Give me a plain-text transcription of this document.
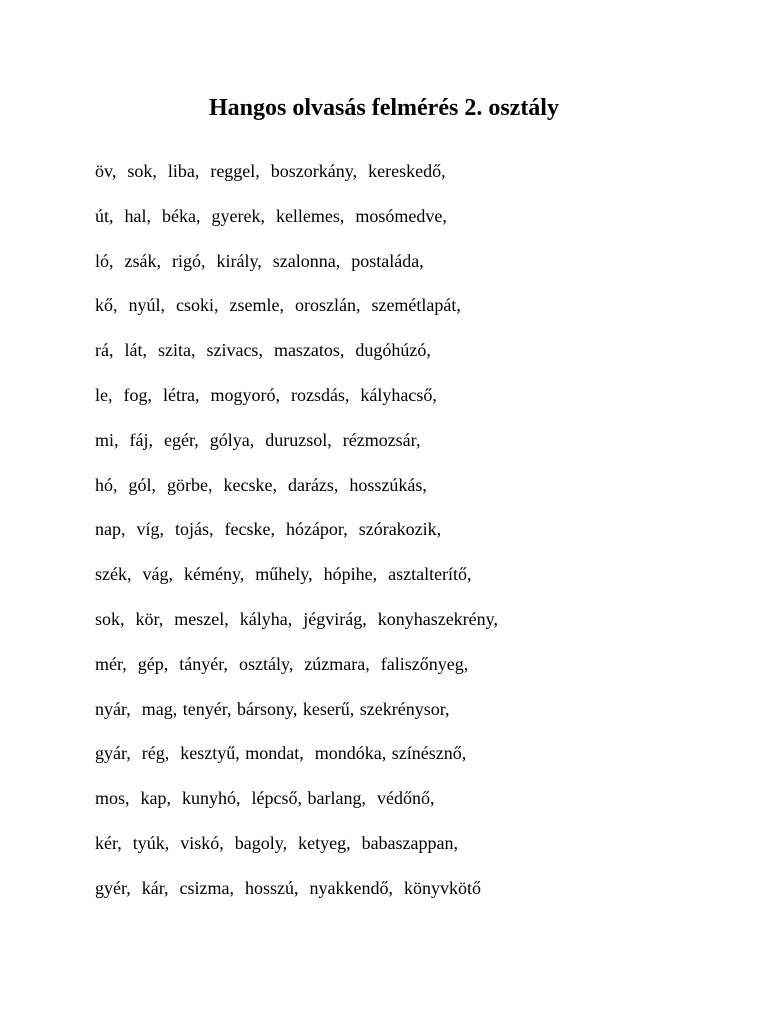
Hangos olvasás felmérés 2. osztály
öv,  sok,  liba,  reggel,  boszorkány,  kereskedő,
út,  hal,  béka,  gyerek,  kellemes,  mosómedve,
ló,  zsák,  rigó,  király,  szalonna,  postaláda,
kő,  nyúl,  csoki,  zsemle,  oroszlán,  szemétlapát,
rá,  lát,  szita,  szivacs,  maszatos,  dugóhúzó,
le,  fog,  létra,  mogyoró,  rozsdás,  kályhacső,
mi,  fáj,  egér,  gólya,  duruzsol,  rézmozsár,
hó,  gól,  görbe,  kecske,  darázs,  hosszúkás,
nap,  víg,  tojás,  fecske,  hózápor,  szórakozik,
szék,  vág,  kémény,  műhely,  hópihe,  asztalterítő,
sok,  kör,  meszel,  kályha,  jégvirág,  konyhaszekrény,
mér,  gép,  tányér,  osztály,  zúzmara,  faliszőnyeg,
nyár,  mag, tenyér, bársony, keserű, szekrénysor,
gyár,  rég,  kesztyű, mondat,  mondóka, színésznő,
mos,  kap,  kunyhó,  lépcső, barlang,  védőnő,
kér,  tyúk,  viskó,  bagoly,  ketyeg,  babaszappan,
gyér,  kár,  csizma,  hosszú,  nyakkendő,  könyvkötő
